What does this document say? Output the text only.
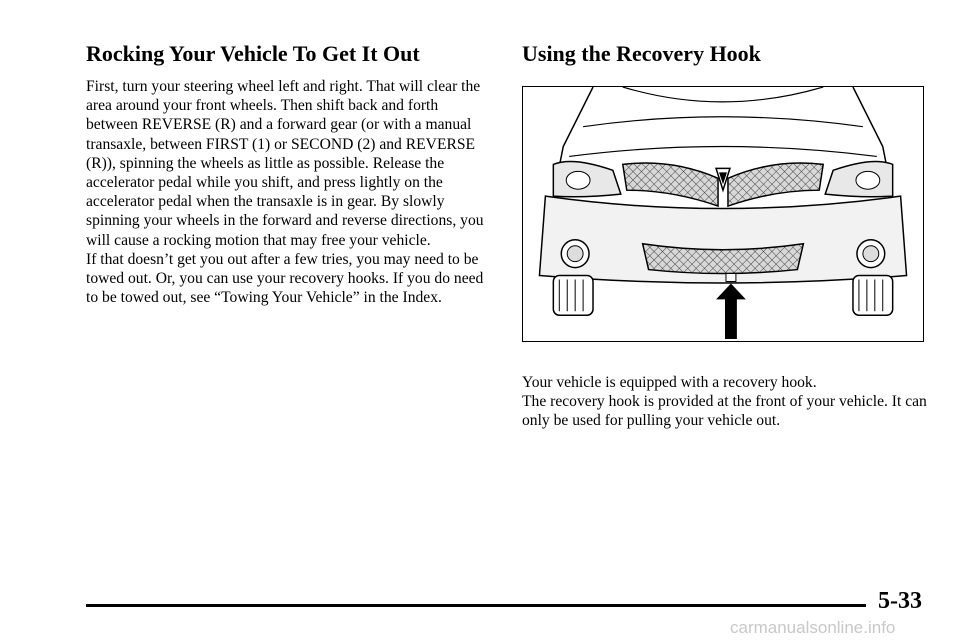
Rocking Your Vehicle To Get It Out

First, turn your steering wheel left and right. That will clear the area around your front wheels. Then shift back and forth between REVERSE (R) and a forward gear (or with a manual transaxle, between FIRST (1) or SECOND (2) and REVERSE (R)), spinning the wheels as little as possible. Release the accelerator pedal while you shift, and press lightly on the accelerator pedal when the transaxle is in gear. By slowly spinning your wheels in the forward and reverse directions, you will cause a rocking motion that may free your vehicle.

If that doesn’t get you out after a few tries, you may need to be towed out. Or, you can use your recovery hooks. If you do need to be towed out, see “Towing Your Vehicle” in the Index.

Using the Recovery Hook

Your vehicle is equipped with a recovery hook.

The recovery hook is provided at the front of your vehicle. It can only be used for pulling your vehicle out.

5-33
carmanualsonline.info
